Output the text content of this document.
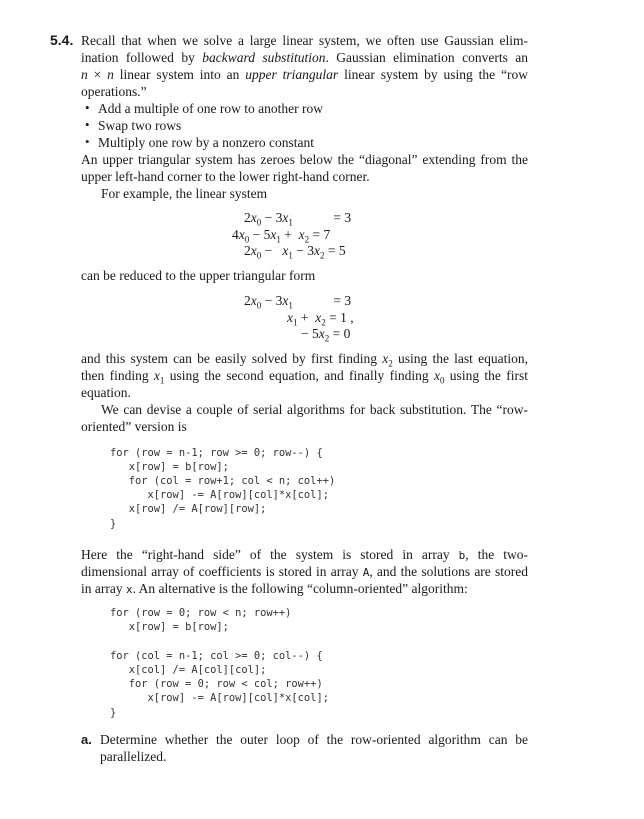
5.4. Recall that when we solve a large linear system, we often use Gaussian elim-
ination followed by backward substitution. Gaussian elimination converts an
n × n linear system into an upper triangular linear system by using the “row
operations.”
• Add a multiple of one row to another row
• Swap two rows
• Multiply one row by a nonzero constant
An upper triangular system has zeroes below the “diagonal” extending from the
upper left-hand corner to the lower right-hand corner.
For example, the linear system
$2x_0 - 3x_1$            = 3
$4x_0 - 5x_1 + x_2 = 7$
$2x_0 - x_1 - 3x_2 = 5$
can be reduced to the upper triangular form
$2x_0 - 3x_1$            = 3
$x_1 + x_2 = 1$ ,
− $5x_2 = 0$
and this system can be easily solved by first finding $x_2$ using the last equation,
then finding $x_1$ using the second equation, and finally finding $x_0$ using the first
equation.
We can devise a couple of serial algorithms for back substitution. The “row-
oriented” version is
for (row = n-1; row >= 0; row--) {
x[row] = b[row];
for (col = row+1; col < n; col++)
x[row] -= A[row][col]*x[col];
x[row] /= A[row][row];
}
Here the “right-hand side” of the system is stored in array b, the two-
dimensional array of coefficients is stored in array A, and the solutions are stored
in array x. An alternative is the following “column-oriented” algorithm:
for (row = 0; row < n; row++)
x[row] = b[row];
for (col = n-1; col >= 0; col--) {
x[col] /= A[col][col];
for (row = 0; row < col; row++)
x[row] -= A[row][col]*x[col];
}
a. Determine whether the outer loop of the row-oriented algorithm can be
parallelized.
